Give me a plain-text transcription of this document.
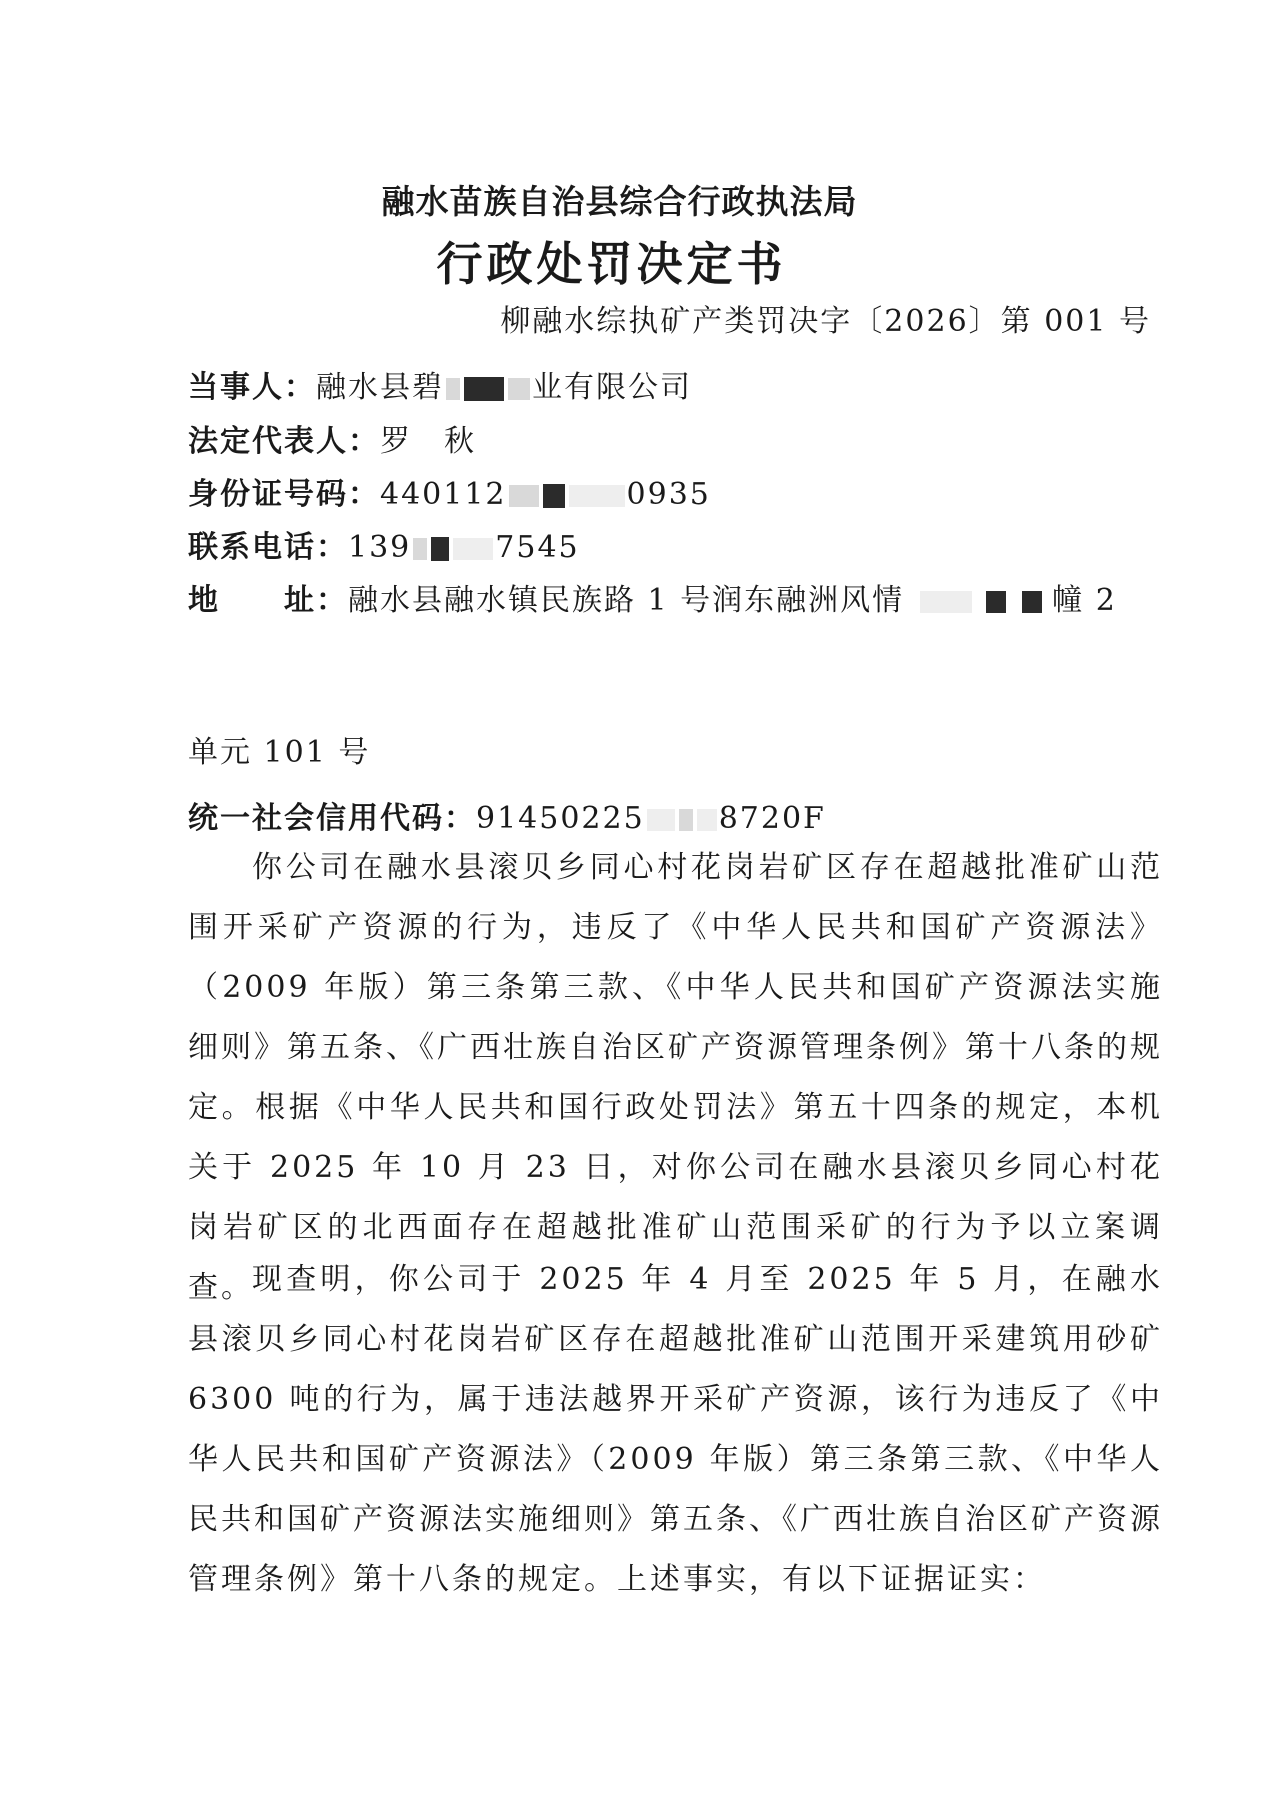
融水苗族自治县综合行政执法局
行政处罚决定书
柳融水综执矿产类罚决字〔2026〕第 001 号
当事人：融水县碧	业有限公司
法定代表人：罗　秋
身份证号码：440112	0935
联系电话：139	7545
地　　址：融水县融水镇民族路 1 号润东融洲风情	幢 2
单元 101 号
统一社会信用代码：91450225 8720F

你公司在融水县滚贝乡同心村花岗岩矿区存在超越批准矿山范围开采矿产资源的行为，违反了《中华人民共和国矿产资源法》（2009 年版）第三条第三款、《中华人民共和国矿产资源法实施细则》第五条、《广西壮族自治区矿产资源管理条例》第十八条的规定。根据《中华人民共和国行政处罚法》第五十四条的规定，本机关于 2025 年 10 月 23 日，对你公司在融水县滚贝乡同心村花岗岩矿区的北西面存在超越批准矿山范围采矿的行为予以立案调查。

现查明，你公司于 2025 年 4 月至 2025 年 5 月，在融水县滚贝乡同心村花岗岩矿区存在超越批准矿山范围开采建筑用砂矿 6300 吨的行为，属于违法越界开采矿产资源，该行为违反了《中华人民共和国矿产资源法》（2009 年版）第三条第三款、《中华人民共和国矿产资源法实施细则》第五条、《广西壮族自治区矿产资源管理条例》第十八条的规定。上述事实，有以下证据证实：
